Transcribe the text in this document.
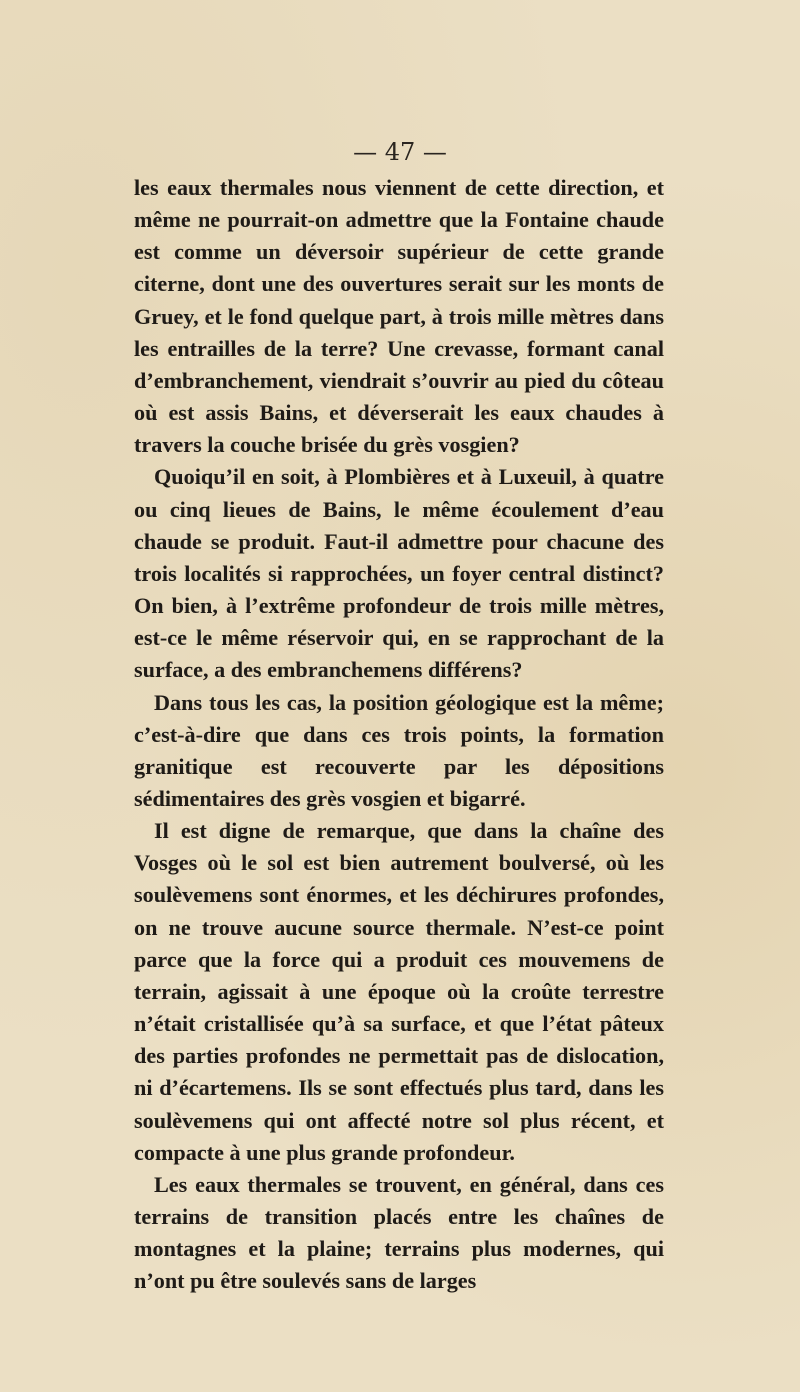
— 47 —

les eaux thermales nous viennent de cette direction, et même ne pourrait-on admettre que la Fontaine chaude est comme un déversoir supérieur de cette grande citerne, dont une des ouvertures serait sur les monts de Gruey, et le fond quelque part, à trois mille mètres dans les entrailles de la terre? Une crevasse, formant canal d’embranchement, viendrait s’ouvrir au pied du côteau où est assis Bains, et déverserait les eaux chaudes à travers la couche brisée du grès vosgien?

Quoiqu’il en soit, à Plombières et à Luxeuil, à quatre ou cinq lieues de Bains, le même écoulement d’eau chaude se produit. Faut-il admettre pour chacune des trois localités si rapprochées, un foyer central distinct? On bien, à l’extrême profondeur de trois mille mètres, est-ce le même réservoir qui, en se rapprochant de la surface, a des embranchemens différens?

Dans tous les cas, la position géologique est la même; c’est-à-dire que dans ces trois points, la formation granitique est recouverte par les dépositions sédimentaires des grès vosgien et bigarré.

Il est digne de remarque, que dans la chaîne des Vosges où le sol est bien autrement boulversé, où les soulèvemens sont énormes, et les déchirures profondes, on ne trouve aucune source thermale. N’est-ce point parce que la force qui a produit ces mouvemens de terrain, agissait à une époque où la croûte terrestre n’était cristallisée qu’à sa surface, et que l’état pâteux des parties profondes ne permettait pas de dislocation, ni d’écartemens. Ils se sont effectués plus tard, dans les soulèvemens qui ont affecté notre sol plus récent, et compacte à une plus grande profondeur.

Les eaux thermales se trouvent, en général, dans ces terrains de transition placés entre les chaînes de montagnes et la plaine; terrains plus modernes, qui n’ont pu être soulevés sans de larges
